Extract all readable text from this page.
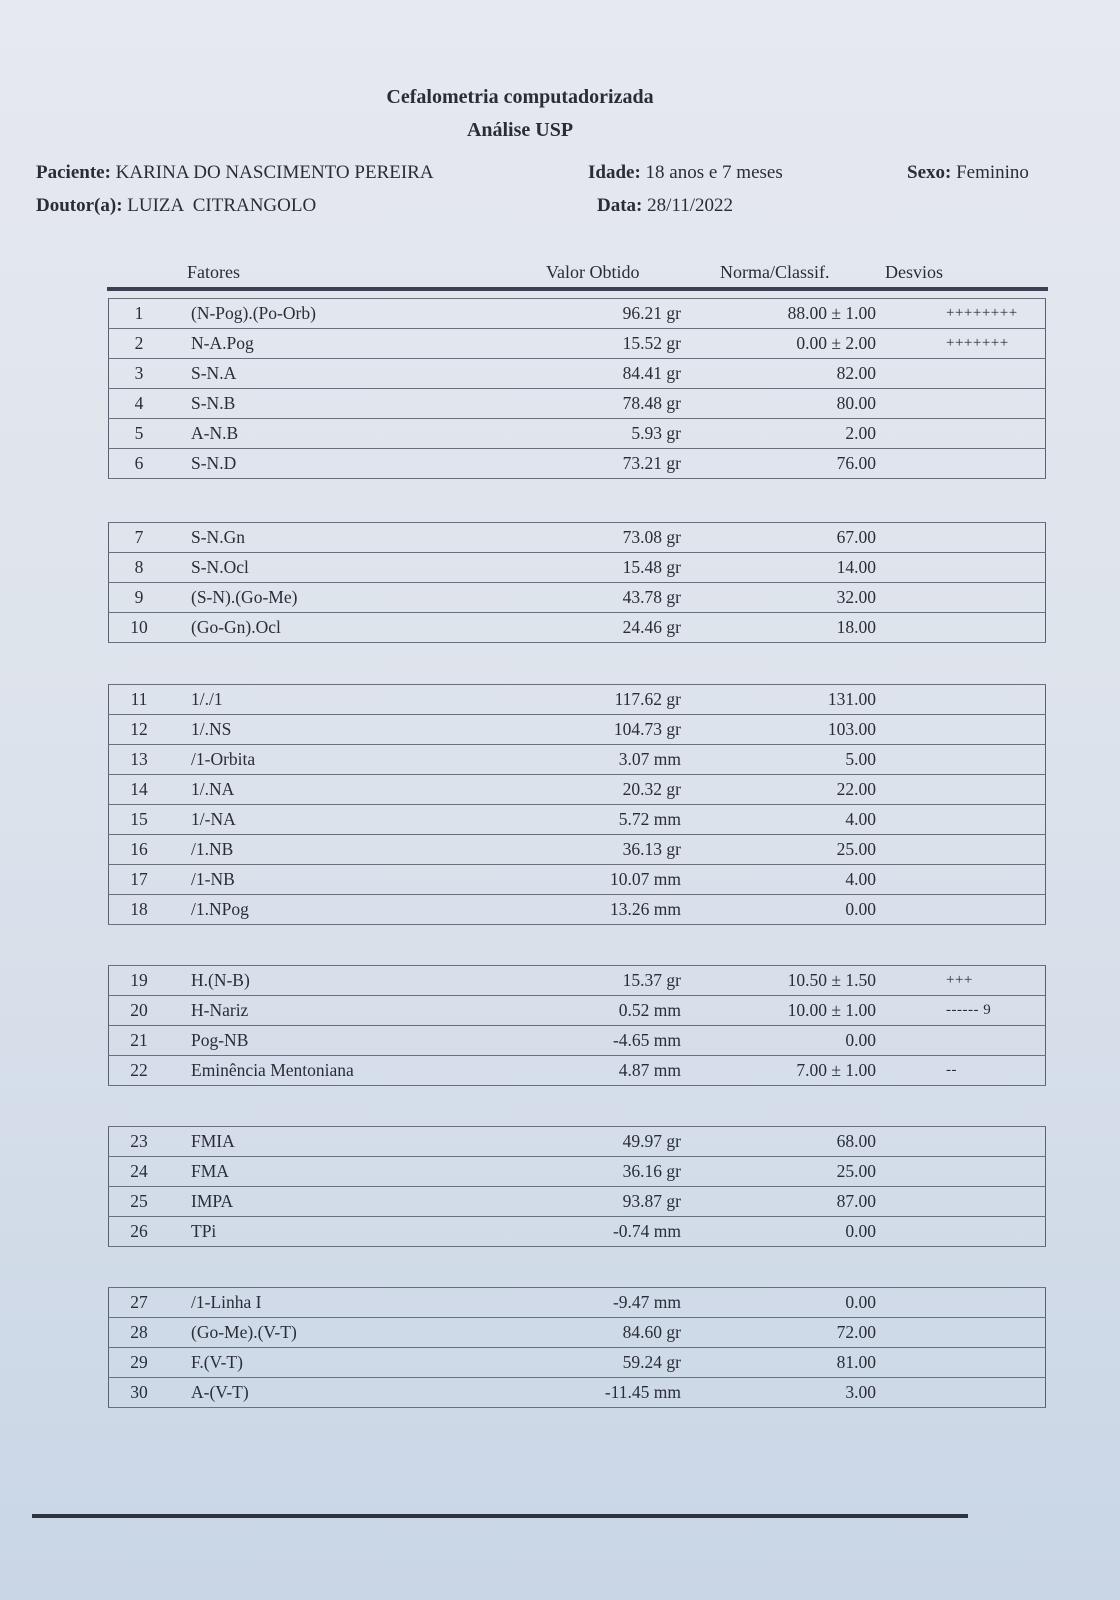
Cefalometria computadorizada
Análise USP
Paciente: KARINA DO NASCIMENTO PEREIRA	Idade: 18 anos e 7 meses	Sexo: Feminino
Doutor(a): LUIZA  CITRANGOLO	Data: 28/11/2022
Fatores	Valor Obtido	Norma/Classif.	Desvios
1	(N-Pog).(Po-Orb)	96.21 gr	88.00 ± 1.00	++++++++
2	N-A.Pog	15.52 gr	0.00 ± 2.00	+++++++
3	S-N.A	84.41 gr	82.00	
4	S-N.B	78.48 gr	80.00	
5	A-N.B	5.93 gr	2.00	
6	S-N.D	73.21 gr	76.00	
7	S-N.Gn	73.08 gr	67.00	
8	S-N.Ocl	15.48 gr	14.00	
9	(S-N).(Go-Me)	43.78 gr	32.00	
10	(Go-Gn).Ocl	24.46 gr	18.00	
11	1/./1	117.62 gr	131.00	
12	1/.NS	104.73 gr	103.00	
13	/1-Orbita	3.07 mm	5.00	
14	1/.NA	20.32 gr	22.00	
15	1/-NA	5.72 mm	4.00	
16	/1.NB	36.13 gr	25.00	
17	/1-NB	10.07 mm	4.00	
18	/1.NPog	13.26 mm	0.00	
19	H.(N-B)	15.37 gr	10.50 ± 1.50	+++
20	H-Nariz	0.52 mm	10.00 ± 1.00	------ 9
21	Pog-NB	-4.65 mm	0.00	
22	Eminência Mentoniana	4.87 mm	7.00 ± 1.00	--
23	FMIA	49.97 gr	68.00	
24	FMA	36.16 gr	25.00	
25	IMPA	93.87 gr	87.00	
26	TPi	-0.74 mm	0.00	
27	/1-Linha I	-9.47 mm	0.00	
28	(Go-Me).(V-T)	84.60 gr	72.00	
29	F.(V-T)	59.24 gr	81.00	
30	A-(V-T)	-11.45 mm	3.00	
